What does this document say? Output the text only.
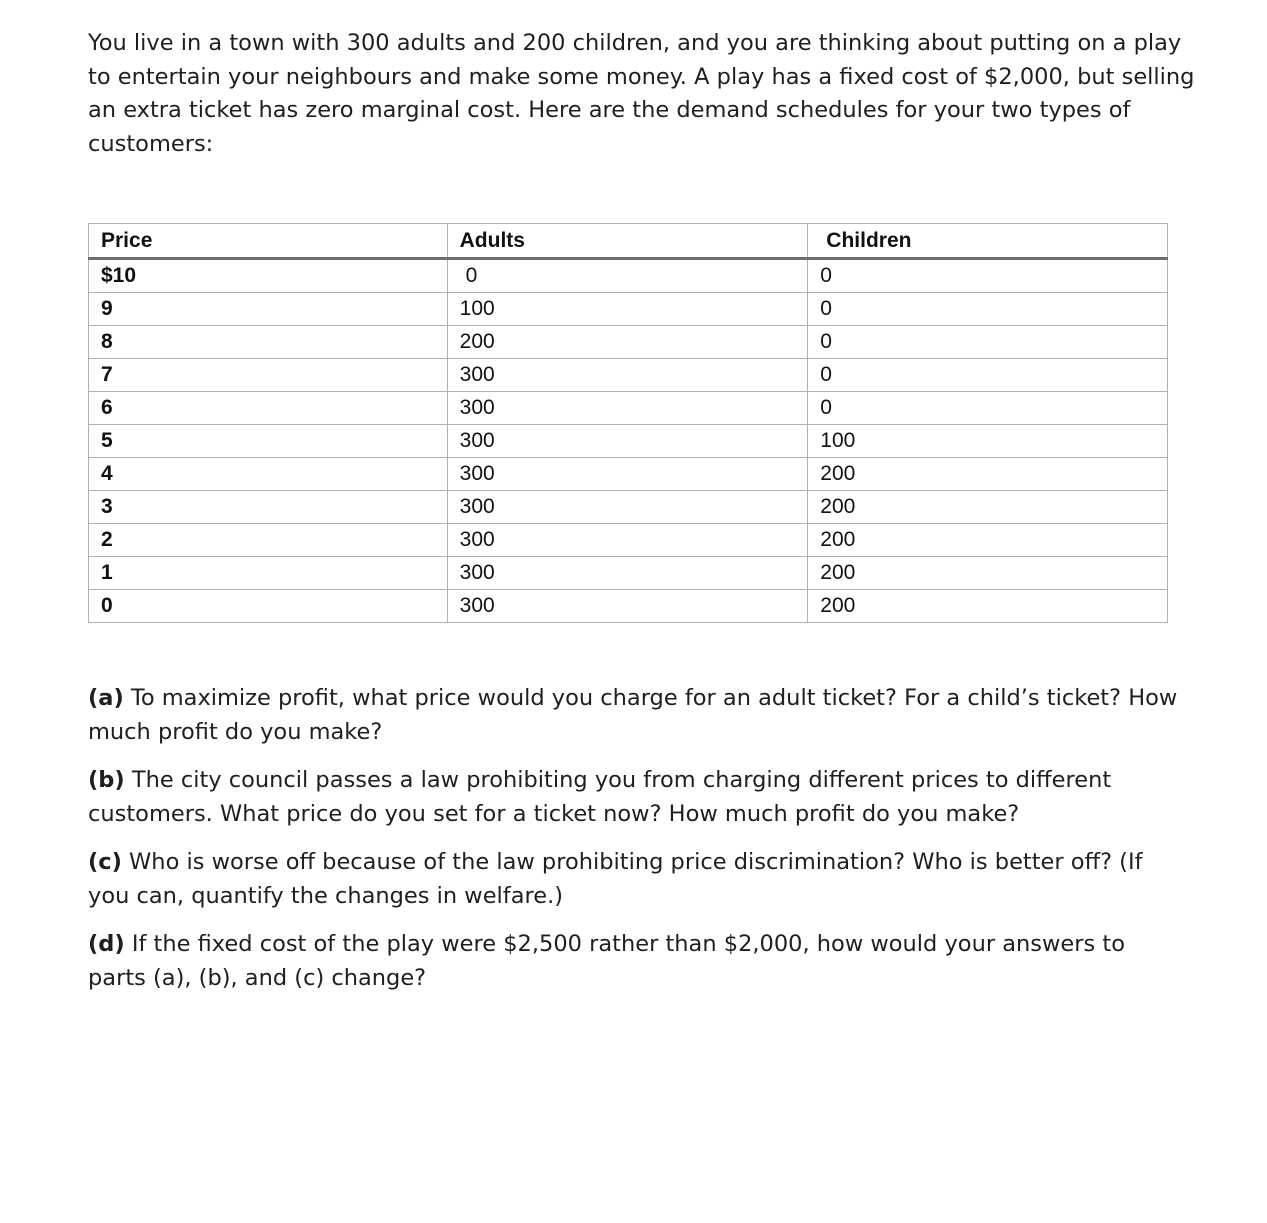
You live in a town with 300 adults and 200 children, and you are thinking about putting on a play to entertain your neighbours and make some money. A play has a fixed cost of $2,000, but selling an extra ticket has zero marginal cost. Here are the demand schedules for your two types of customers:

Price	Adults	Children
$10	0	0
9	100	0
8	200	0
7	300	0
6	300	0
5	300	100
4	300	200
3	300	200
2	300	200
1	300	200
0	300	200

(a) To maximize profit, what price would you charge for an adult ticket? For a child’s ticket? How much profit do you make?

(b) The city council passes a law prohibiting you from charging different prices to different customers. What price do you set for a ticket now? How much profit do you make?

(c) Who is worse off because of the law prohibiting price discrimination? Who is better off? (If you can, quantify the changes in welfare.)

(d) If the fixed cost of the play were $2,500 rather than $2,000, how would your answers to parts (a), (b), and (c) change?
